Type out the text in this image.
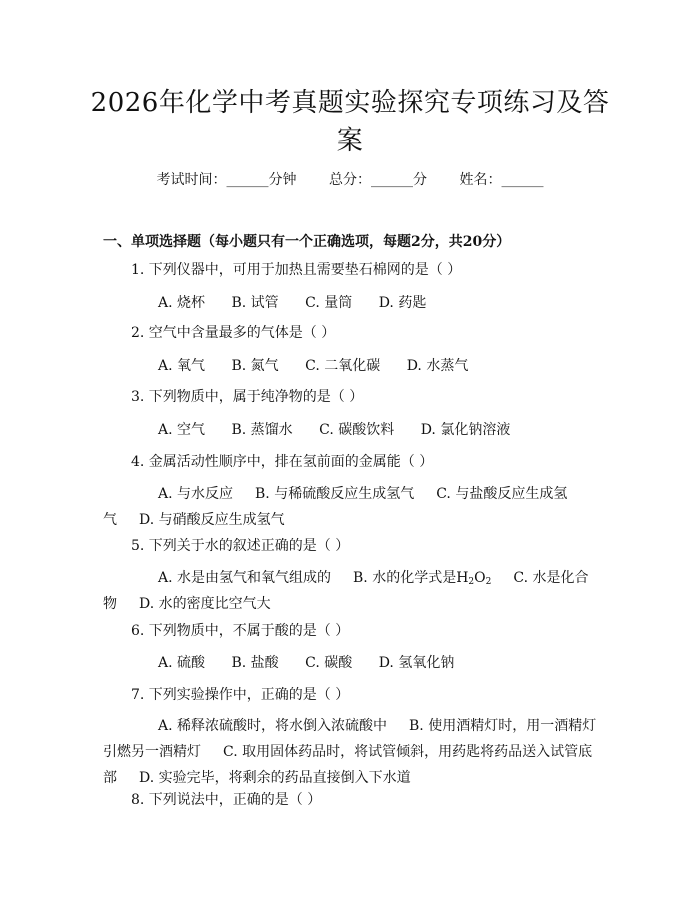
2026年化学中考真题实验探究专项练习及答案
考试时间：______分钟 总分：______分 姓名：______
一、单项选择题（每小题只有一个正确选项，每题2分，共20分）
1. 下列仪器中，可用于加热且需要垫石棉网的是（ ）
A. 烧杯 B. 试管 C. 量筒 D. 药匙
2. 空气中含量最多的气体是（ ）
A. 氧气 B. 氮气 C. 二氧化碳 D. 水蒸气
3. 下列物质中，属于纯净物的是（ ）
A. 空气 B. 蒸馏水 C. 碳酸饮料 D. 氯化钠溶液
4. 金属活动性顺序中，排在氢前面的金属能（ ）
A. 与水反应 B. 与稀硫酸反应生成氢气 C. 与盐酸反应生成氢气 D. 与硝酸反应生成氢气
5. 下列关于水的叙述正确的是（ ）
A. 水是由氢气和氧气组成的 B. 水的化学式是$H_2O_2$ C. 水是化合物 D. 水的密度比空气大
6. 下列物质中，不属于酸的是（ ）
A. 硫酸 B. 盐酸 C. 碳酸 D. 氢氧化钠
7. 下列实验操作中，正确的是（ ）
A. 稀释浓硫酸时，将水倒入浓硫酸中 B. 使用酒精灯时，用一酒精灯引燃另一酒精灯 C. 取用固体药品时，将试管倾斜，用药匙将药品送入试管底部 D. 实验完毕，将剩余的药品直接倒入下水道
8. 下列说法中，正确的是（ ）
